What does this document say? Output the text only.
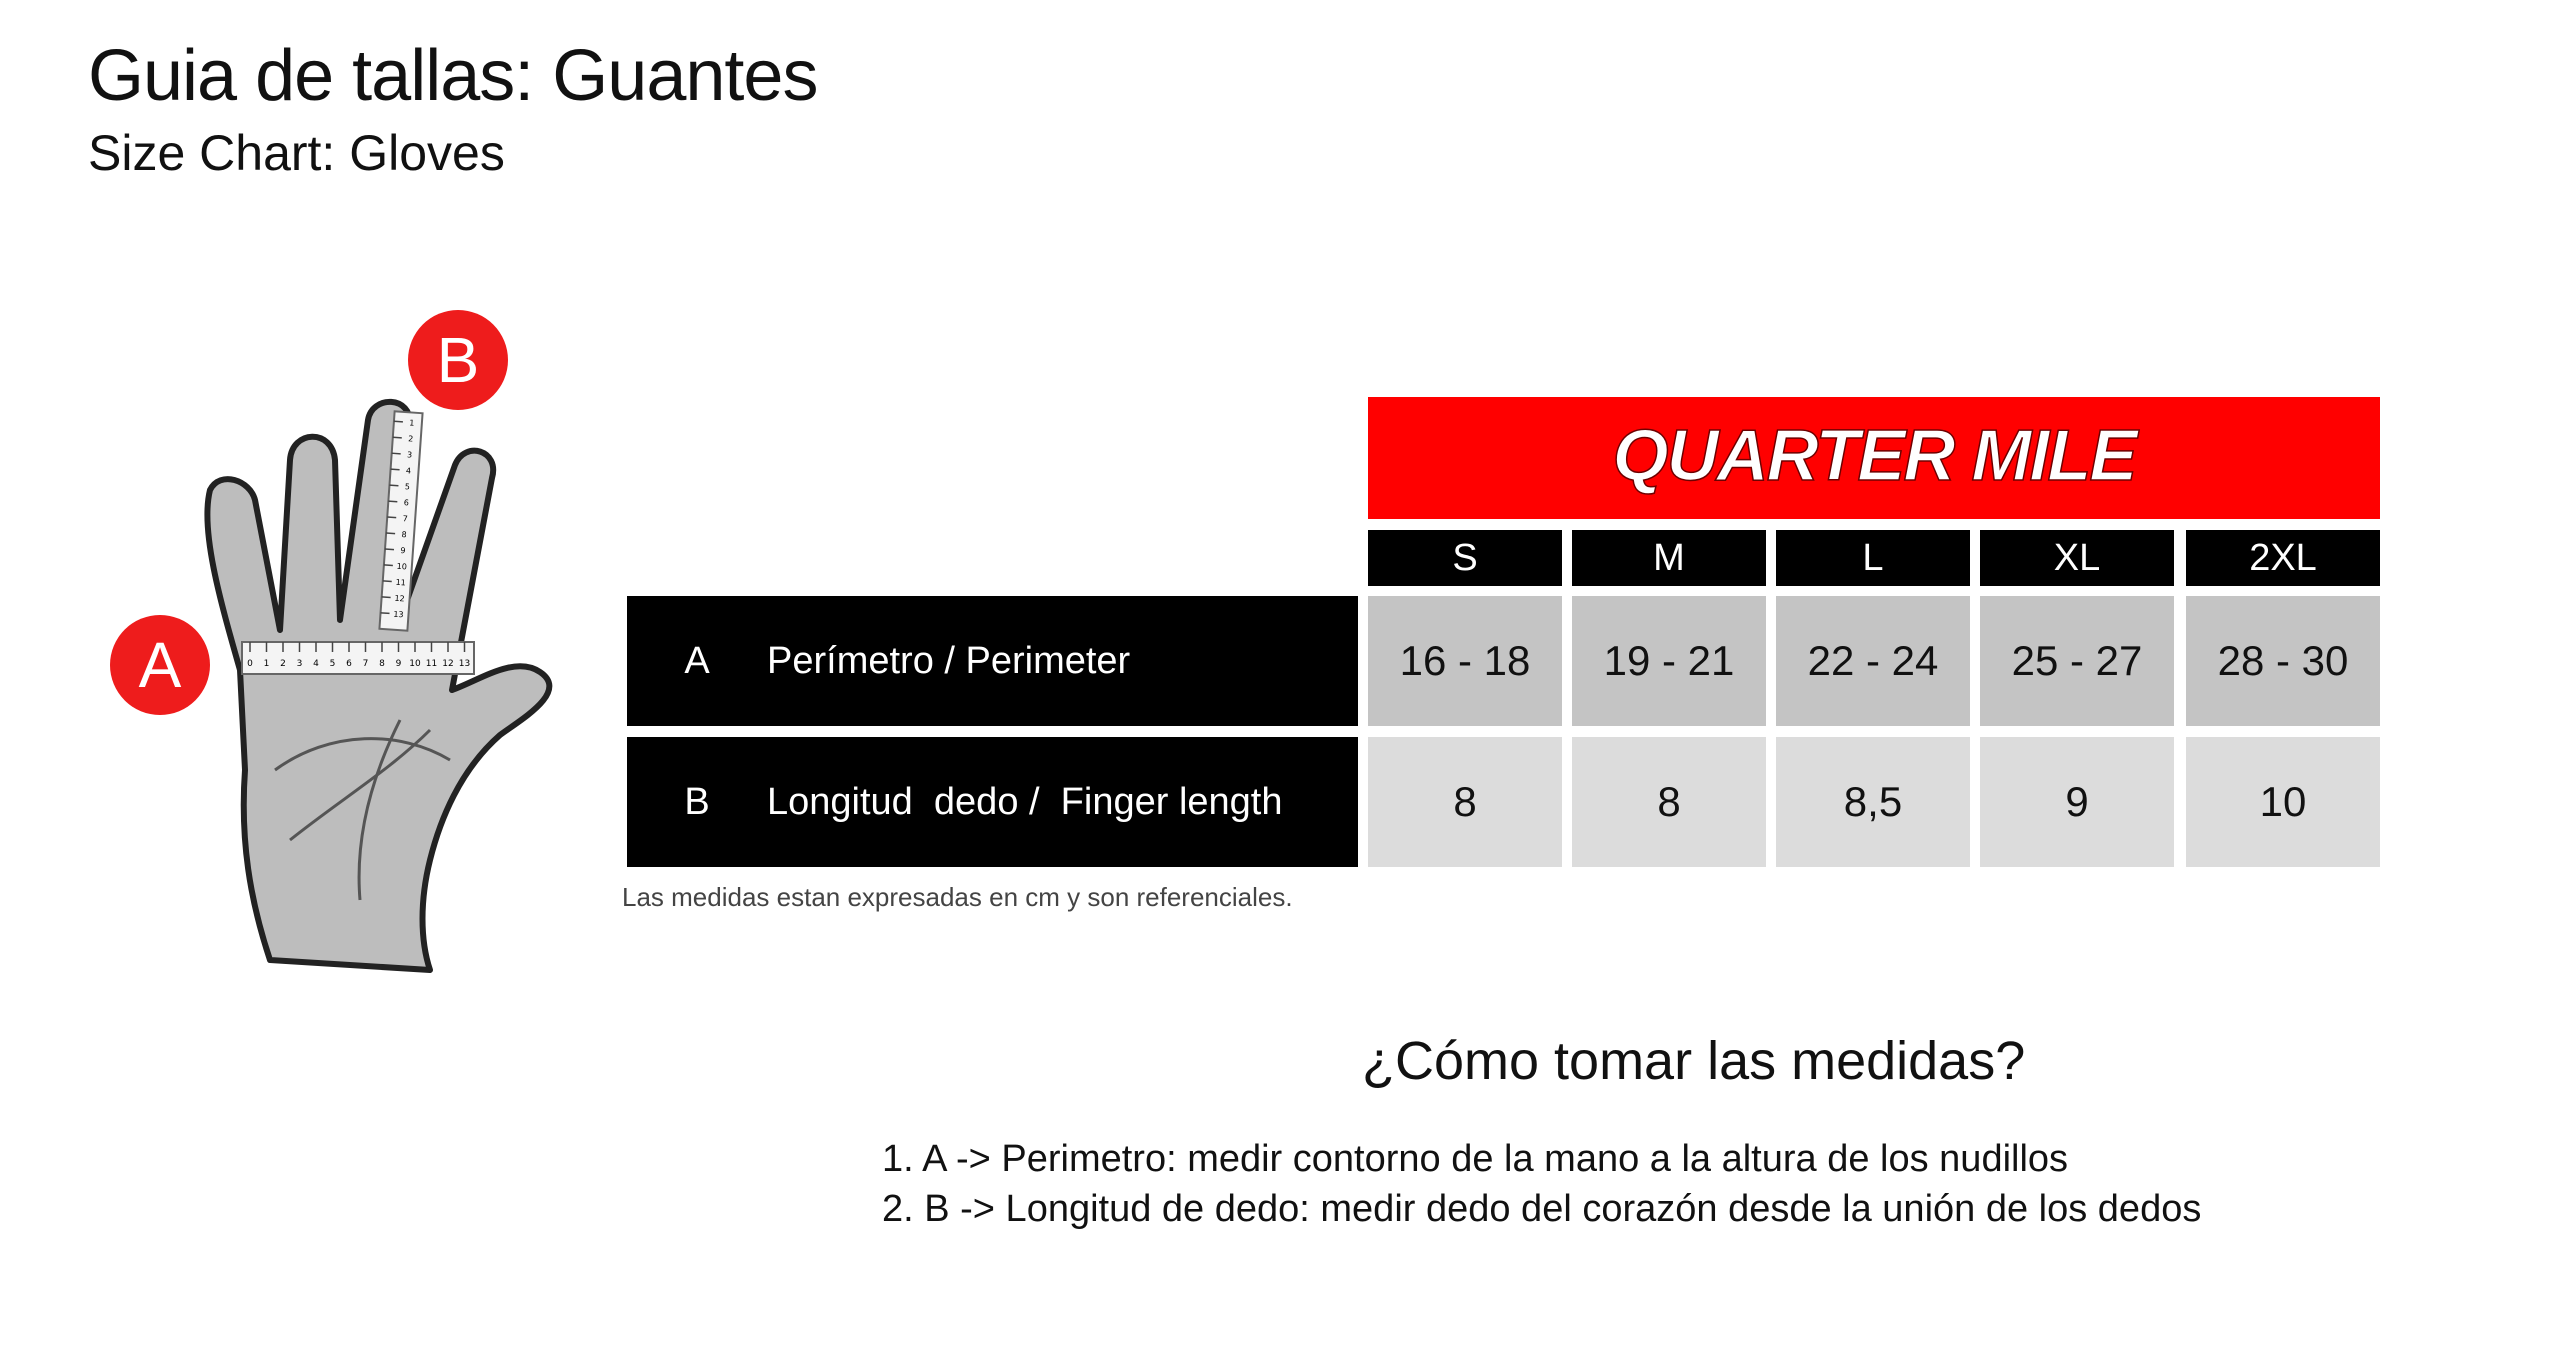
Guia de tallas: Guantes
Size Chart: Gloves
0 1 2 3 4 5 6 7 8 9 10 11 12 13
1
2
3
4
5
6
7
8
9
10
11
12
13
A
B
QUARTER MILE
S	M	L	XL	2XL
A	Perímetro / Perimeter	16 - 18	19 - 21	22 - 24	25 - 27	28 - 30
B	Longitud  dedo /  Finger length	8	8	8,5	9	10
Las medidas estan expresadas en cm y son referenciales.
¿Cómo tomar las medidas?
1. A -> Perimetro: medir contorno de la mano a la altura de los nudillos
2. B -> Longitud de dedo: medir dedo del corazón desde la unión de los dedos
